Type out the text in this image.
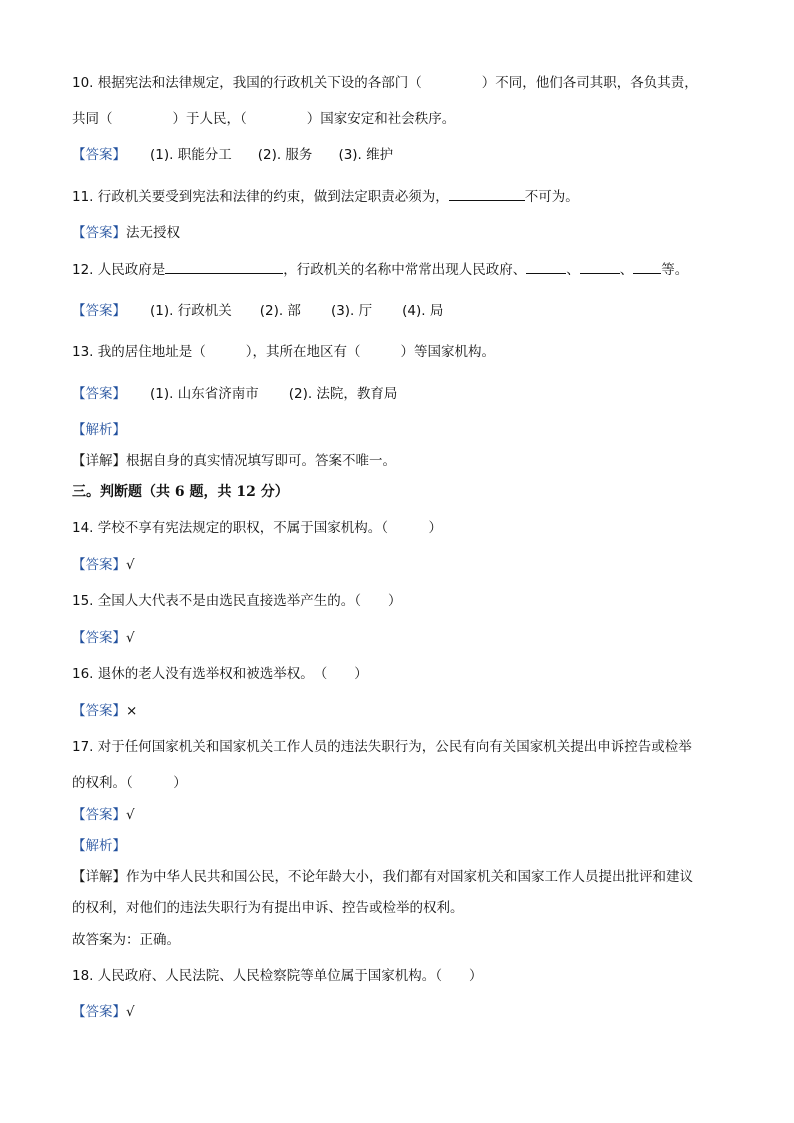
10. 根据宪法和法律规定，我国的行政机关下设的各部门（	）不同，他们各司其职，各负其责，
共同（	）于人民，（	）国家安定和社会秩序。
【答案】 (1). 职能分工 (2). 服务 (3). 维护
11. 行政机关要受到宪法和法律的约束，做到法定职责必须为，	不可为。
【答案】法无授权
12. 人民政府是	，行政机关的名称中常常出现人民政府、	、	、 等。
【答案】 (1). 行政机关 (2). 部 (3). 厅 (4). 局
13. 我的居住地址是（	），其所在地区有（	）等国家机构。
【答案】 (1). 山东省济南市 (2). 法院，教育局
【解析】
【详解】根据自身的真实情况填写即可。答案不唯一。
三。判断题（共 6 题，共 12 分）
14. 学校不享有宪法规定的职权，不属于国家机构。（　　　）
【答案】√
15. 全国人大代表不是由选民直接选举产生的。（　　）
【答案】√
16. 退休的老人没有选举权和被选举权。　（　　）
【答案】×
17. 对于任何国家机关和国家机关工作人员的违法失职行为，公民有向有关国家机关提出申诉控告或检举
的权利。（　　　）
【答案】√
【解析】
【详解】作为中华人民共和国公民，不论年龄大小，我们都有对国家机关和国家工作人员提出批评和建议
的权利，对他们的违法失职行为有提出申诉、控告或检举的权利。
故答案为：正确。
18. 人民政府、人民法院、人民检察院等单位属于国家机构。（　　）
【答案】√
